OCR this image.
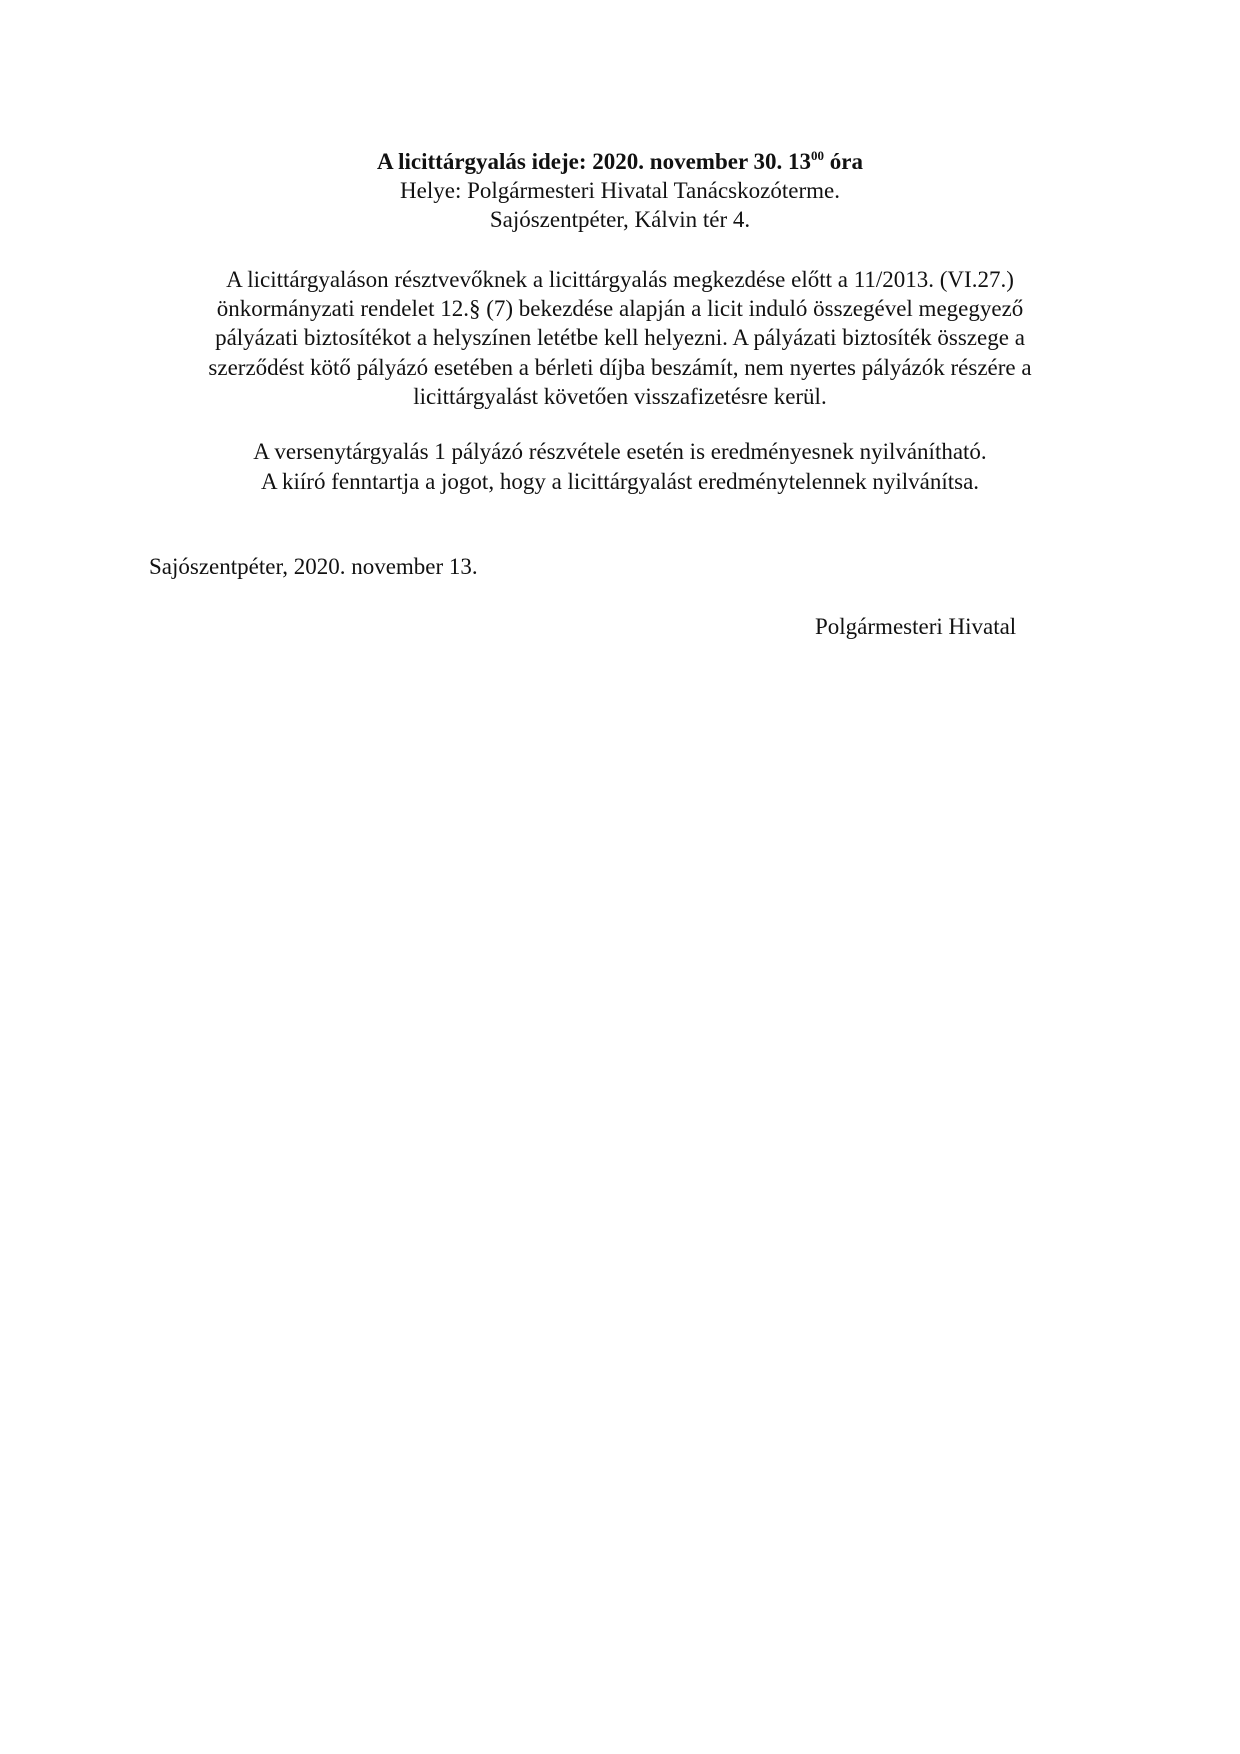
A licittárgyalás ideje: 2020. november 30. $13^{00}$ óra
Helye: Polgármesteri Hivatal Tanácskozóterme.
Sajószentpéter, Kálvin tér 4.
A licittárgyaláson résztvevőknek a licittárgyalás megkezdése előtt a 11/2013. (VI.27.)
önkormányzati rendelet 12.§ (7) bekezdése alapján a licit induló összegével megegyező
pályázati biztosítékot a helyszínen letétbe kell helyezni. A pályázati biztosíték összege a
szerződést kötő pályázó esetében a bérleti díjba beszámít, nem nyertes pályázók részére a
licittárgyalást követően visszafizetésre kerül.
A versenytárgyalás 1 pályázó részvétele esetén is eredményesnek nyilvánítható.
A kiíró fenntartja a jogot, hogy a licittárgyalást eredménytelennek nyilvánítsa.
Sajószentpéter, 2020. november 13.
Polgármesteri Hivatal
